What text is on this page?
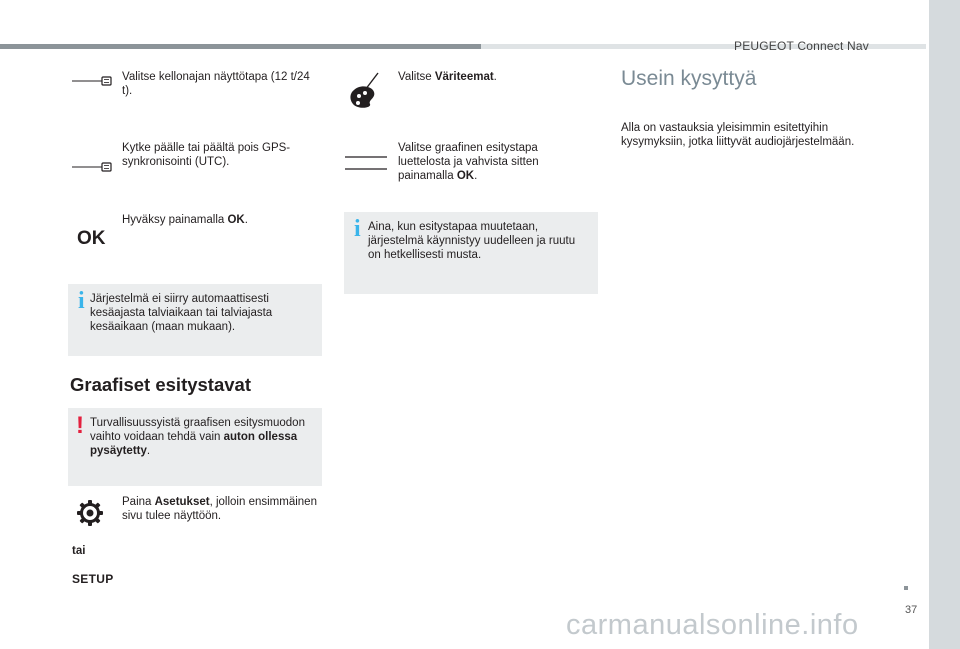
PEUGEOT Connect Nav
Valitse kellonajan näyttötapa (12 t/24 t).
Kytke päälle tai päältä pois GPS-synkronisointi (UTC).
OK
Hyväksy painamalla OK.
i Järjestelmä ei siirry automaattisesti kesäajasta talviaikaan tai talviajasta kesäaikaan (maan mukaan).
Graafiset esitystavat
! Turvallisuussyistä graafisen esitysmuodon vaihto voidaan tehdä vain auton ollessa pysäytetty.
Paina Asetukset, jolloin ensimmäinen sivu tulee näyttöön.
tai
SETUP
Valitse Väriteemat.
Valitse graafinen esitystapa luettelosta ja vahvista sitten painamalla OK.
i Aina, kun esitystapaa muutetaan, järjestelmä käynnistyy uudelleen ja ruutu on hetkellisesti musta.
Usein kysyttyä
Alla on vastauksia yleisimmin esitettyihin kysymyksiin, jotka liittyvät audiojärjestelmään.
37
carmanualsonline.info
